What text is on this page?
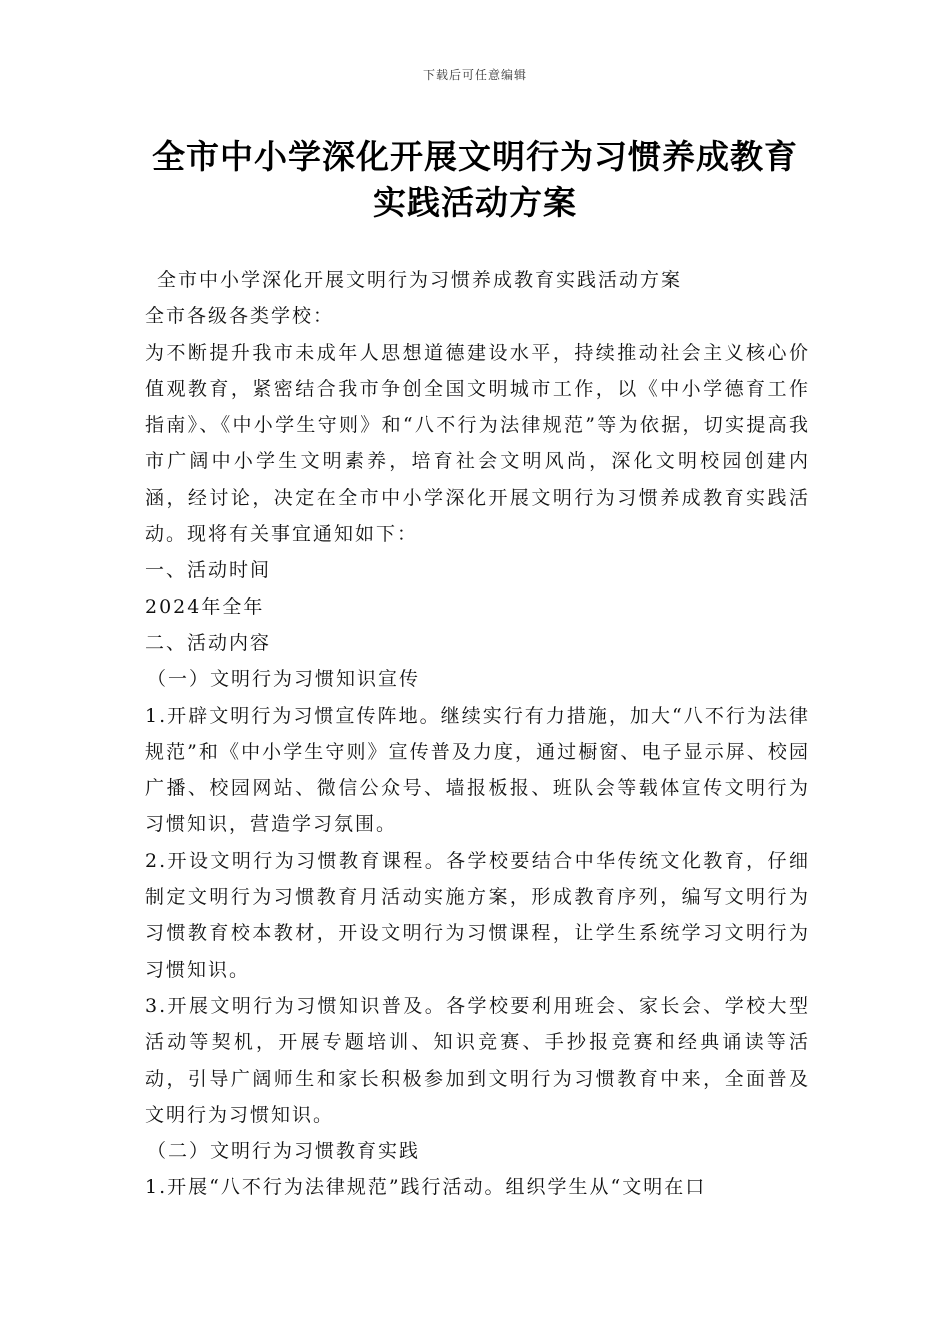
下载后可任意编辑
全市中小学深化开展文明行为习惯养成教育实践活动方案

全市中小学深化开展文明行为习惯养成教育实践活动方案

全市各级各类学校：

为不断提升我市未成年人思想道德建设水平，持续推动社会主义核心价值观教育，紧密结合我市争创全国文明城市工作，以《中小学德育工作指南》、《中小学生守则》和“八不行为法律规范”等为依据，切实提高我市广阔中小学生文明素养，培育社会文明风尚，深化文明校园创建内涵，经讨论，决定在全市中小学深化开展文明行为习惯养成教育实践活动。现将有关事宜通知如下：

一、活动时间

2024年全年

二、活动内容

（一）文明行为习惯知识宣传

1.开辟文明行为习惯宣传阵地。继续实行有力措施，加大“八不行为法律规范”和《中小学生守则》宣传普及力度，通过橱窗、电子显示屏、校园广播、校园网站、微信公众号、墙报板报、班队会等载体宣传文明行为习惯知识，营造学习氛围。

2.开设文明行为习惯教育课程。各学校要结合中华传统文化教育，仔细制定文明行为习惯教育月活动实施方案，形成教育序列，编写文明行为习惯教育校本教材，开设文明行为习惯课程，让学生系统学习文明行为习惯知识。

3.开展文明行为习惯知识普及。各学校要利用班会、家长会、学校大型活动等契机，开展专题培训、知识竞赛、手抄报竞赛和经典诵读等活动，引导广阔师生和家长积极参加到文明行为习惯教育中来，全面普及文明行为习惯知识。

（二）文明行为习惯教育实践

1.开展“八不行为法律规范”践行活动。组织学生从“文明在口
